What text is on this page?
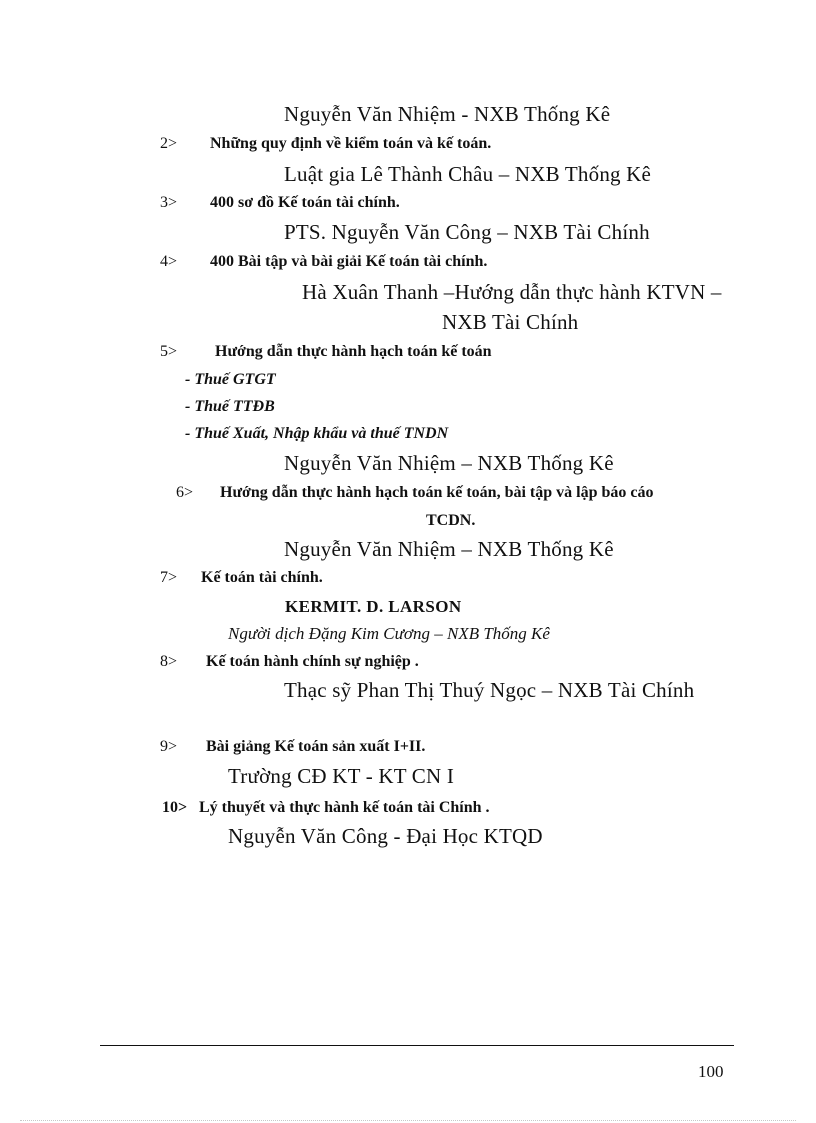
Nguyễn Văn Nhiệm - NXB Thống Kê
2> Những quy định về kiểm toán và kế toán.
Luật gia Lê Thành Châu – NXB Thống Kê
3> 400 sơ đồ Kế toán tài chính.
PTS. Nguyễn Văn Công – NXB Tài Chính
4> 400 Bài tập và bài giải Kế toán tài chính.
Hà Xuân Thanh –Hướng dẫn thực hành KTVN –
NXB Tài Chính
5> Hướng dẫn thực hành hạch toán kế toán
- Thuế GTGT
- Thuế TTĐB
- Thuế Xuất, Nhập khẩu và thuế TNDN
Nguyễn Văn Nhiệm – NXB Thống Kê
6> Hướng dẫn thực hành hạch toán kế toán, bài tập và lập báo cáo
TCDN.
Nguyễn Văn Nhiệm – NXB Thống Kê
7> Kế toán tài chính.
KERMIT. D. LARSON
Người dịch Đặng Kim Cương – NXB Thống Kê
8> Kế toán hành chính sự nghiệp .
Thạc sỹ Phan Thị Thuý Ngọc – NXB Tài Chính
9> Bài giảng Kế toán sản xuất I+II.
Trường CĐ KT - KT CN I
10> Lý thuyết và thực hành kế toán tài Chính .
Nguyễn Văn Công - Đại Học KTQD
100
